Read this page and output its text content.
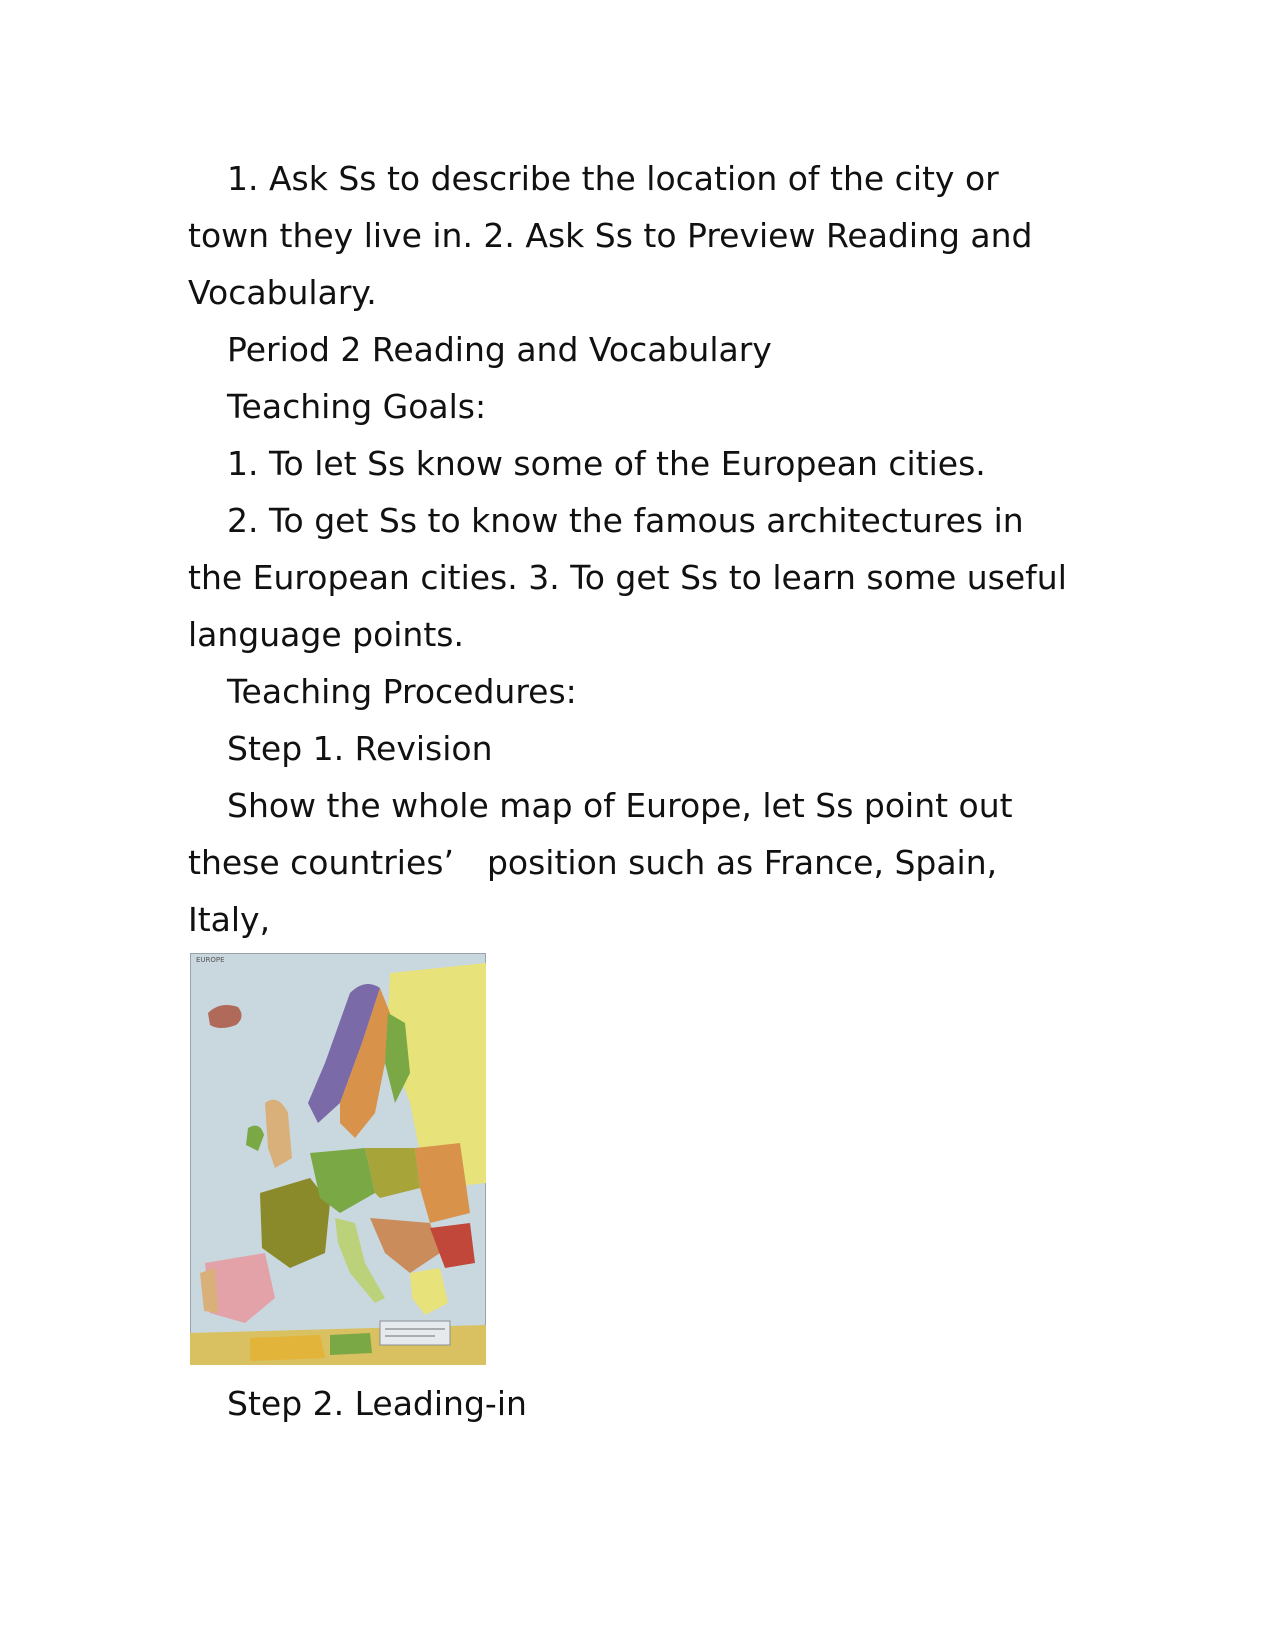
1. Ask Ss to describe the location of the city or town they live in. 2. Ask Ss to Preview Reading and Vocabulary.

Period 2 Reading and Vocabulary

Teaching Goals:

1. To let Ss know some of the European cities.

2. To get Ss to know the famous architectures in the European cities. 3. To get Ss to learn some useful language points.

Teaching Procedures:

Step 1. Revision

Show the whole map of Europe, let Ss point out these countries’　position such as France, Spain, Italy,

EUROPE

Step 2. Leading-in
